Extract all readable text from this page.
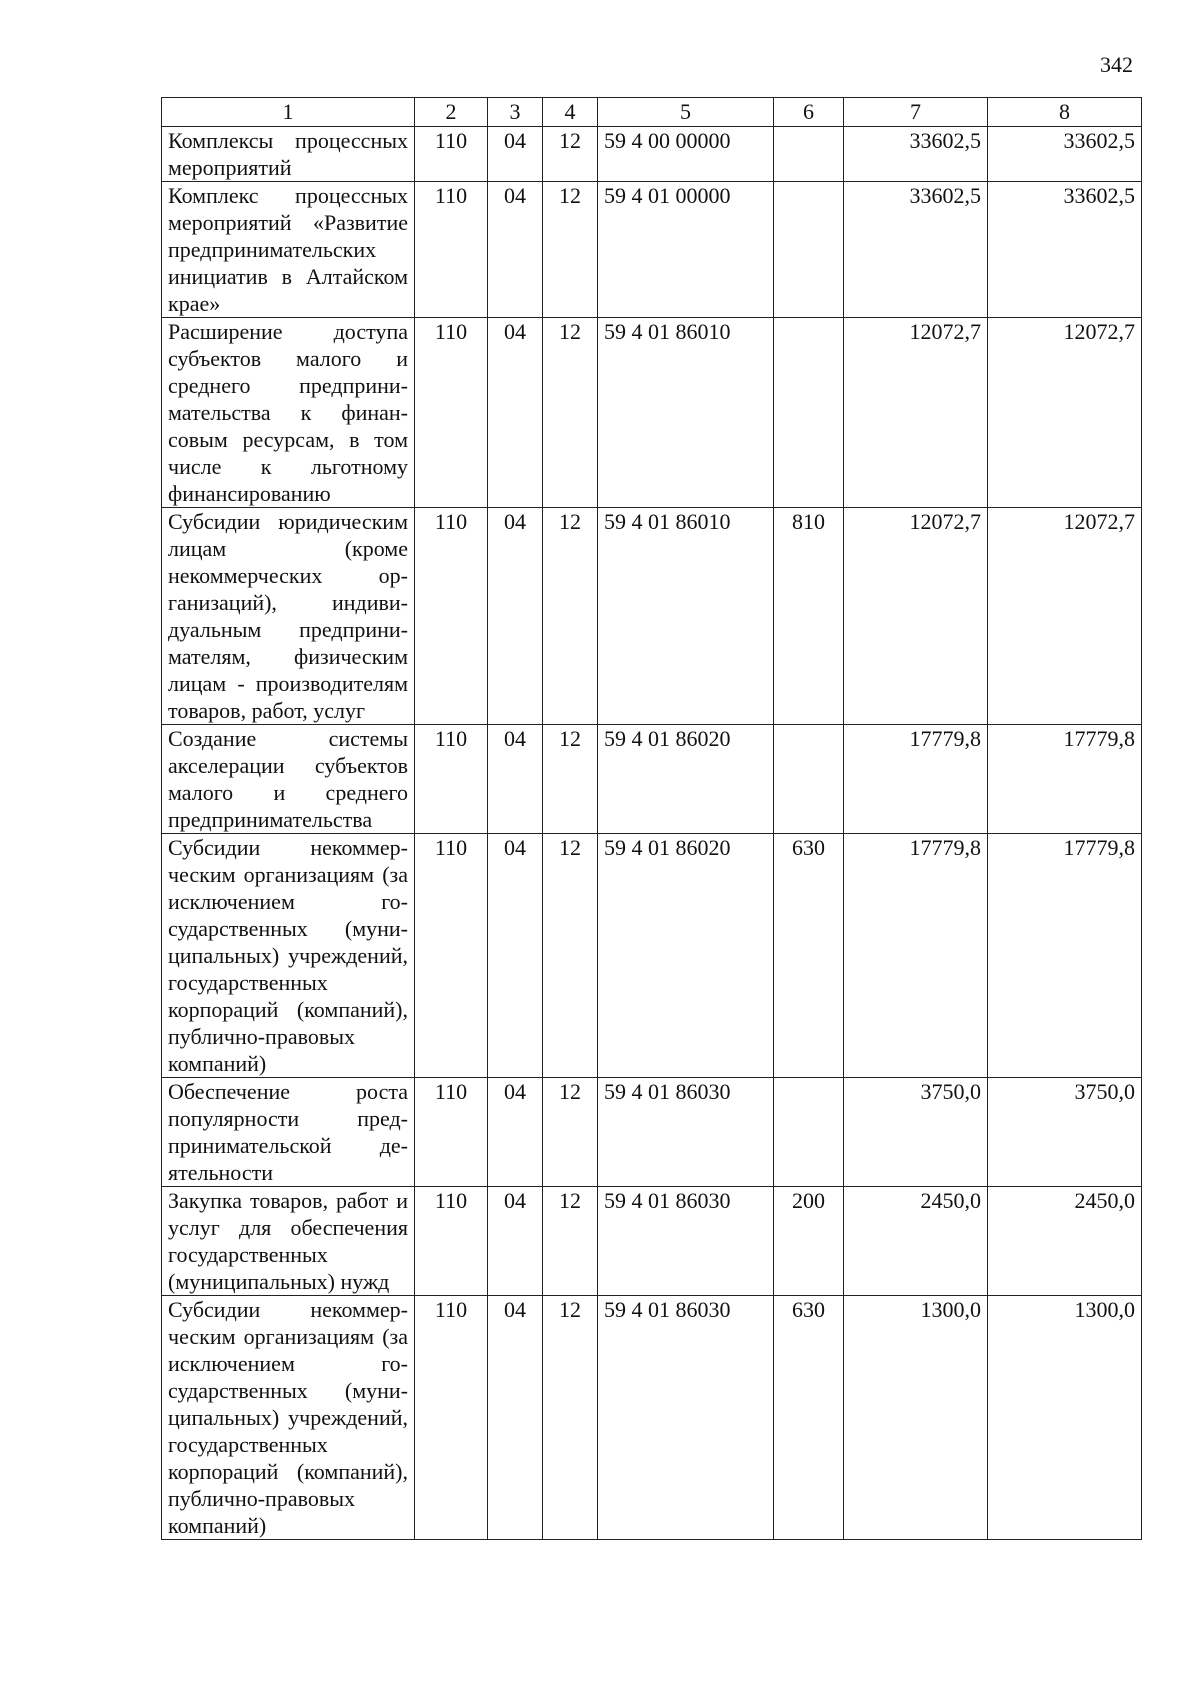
342
1	2	3	4	5	6	7	8
Комплексы процессных мероприятий	110	04	12	59 4 00 00000		33602,5	33602,5
Комплекс процессных мероприятий «Развитие предпринимательских инициатив в Алтайском крае»	110	04	12	59 4 01 00000		33602,5	33602,5
Расширение доступа субъектов малого и среднего предпринимательства к финансовым ресурсам, в том числе к льготному финансированию	110	04	12	59 4 01 86010		12072,7	12072,7
Субсидии юридическим лицам (кроме некоммерческих организаций), индивидуальным предпринимателям, физическим лицам - производителям товаров, работ, услуг	110	04	12	59 4 01 86010	810	12072,7	12072,7
Создание системы акселерации субъектов малого и среднего предпринимательства	110	04	12	59 4 01 86020		17779,8	17779,8
Субсидии некоммерческим организациям (за исключением государственных (муниципальных) учреждений, государственных корпораций (компаний), публично-правовых компаний)	110	04	12	59 4 01 86020	630	17779,8	17779,8
Обеспечение роста популярности предпринимательской деятельности	110	04	12	59 4 01 86030		3750,0	3750,0
Закупка товаров, работ и услуг для обеспечения государственных (муниципальных) нужд	110	04	12	59 4 01 86030	200	2450,0	2450,0
Субсидии некоммерческим организациям (за исключением государственных (муниципальных) учреждений, государственных корпораций (компаний), публично-правовых компаний)	110	04	12	59 4 01 86030	630	1300,0	1300,0
